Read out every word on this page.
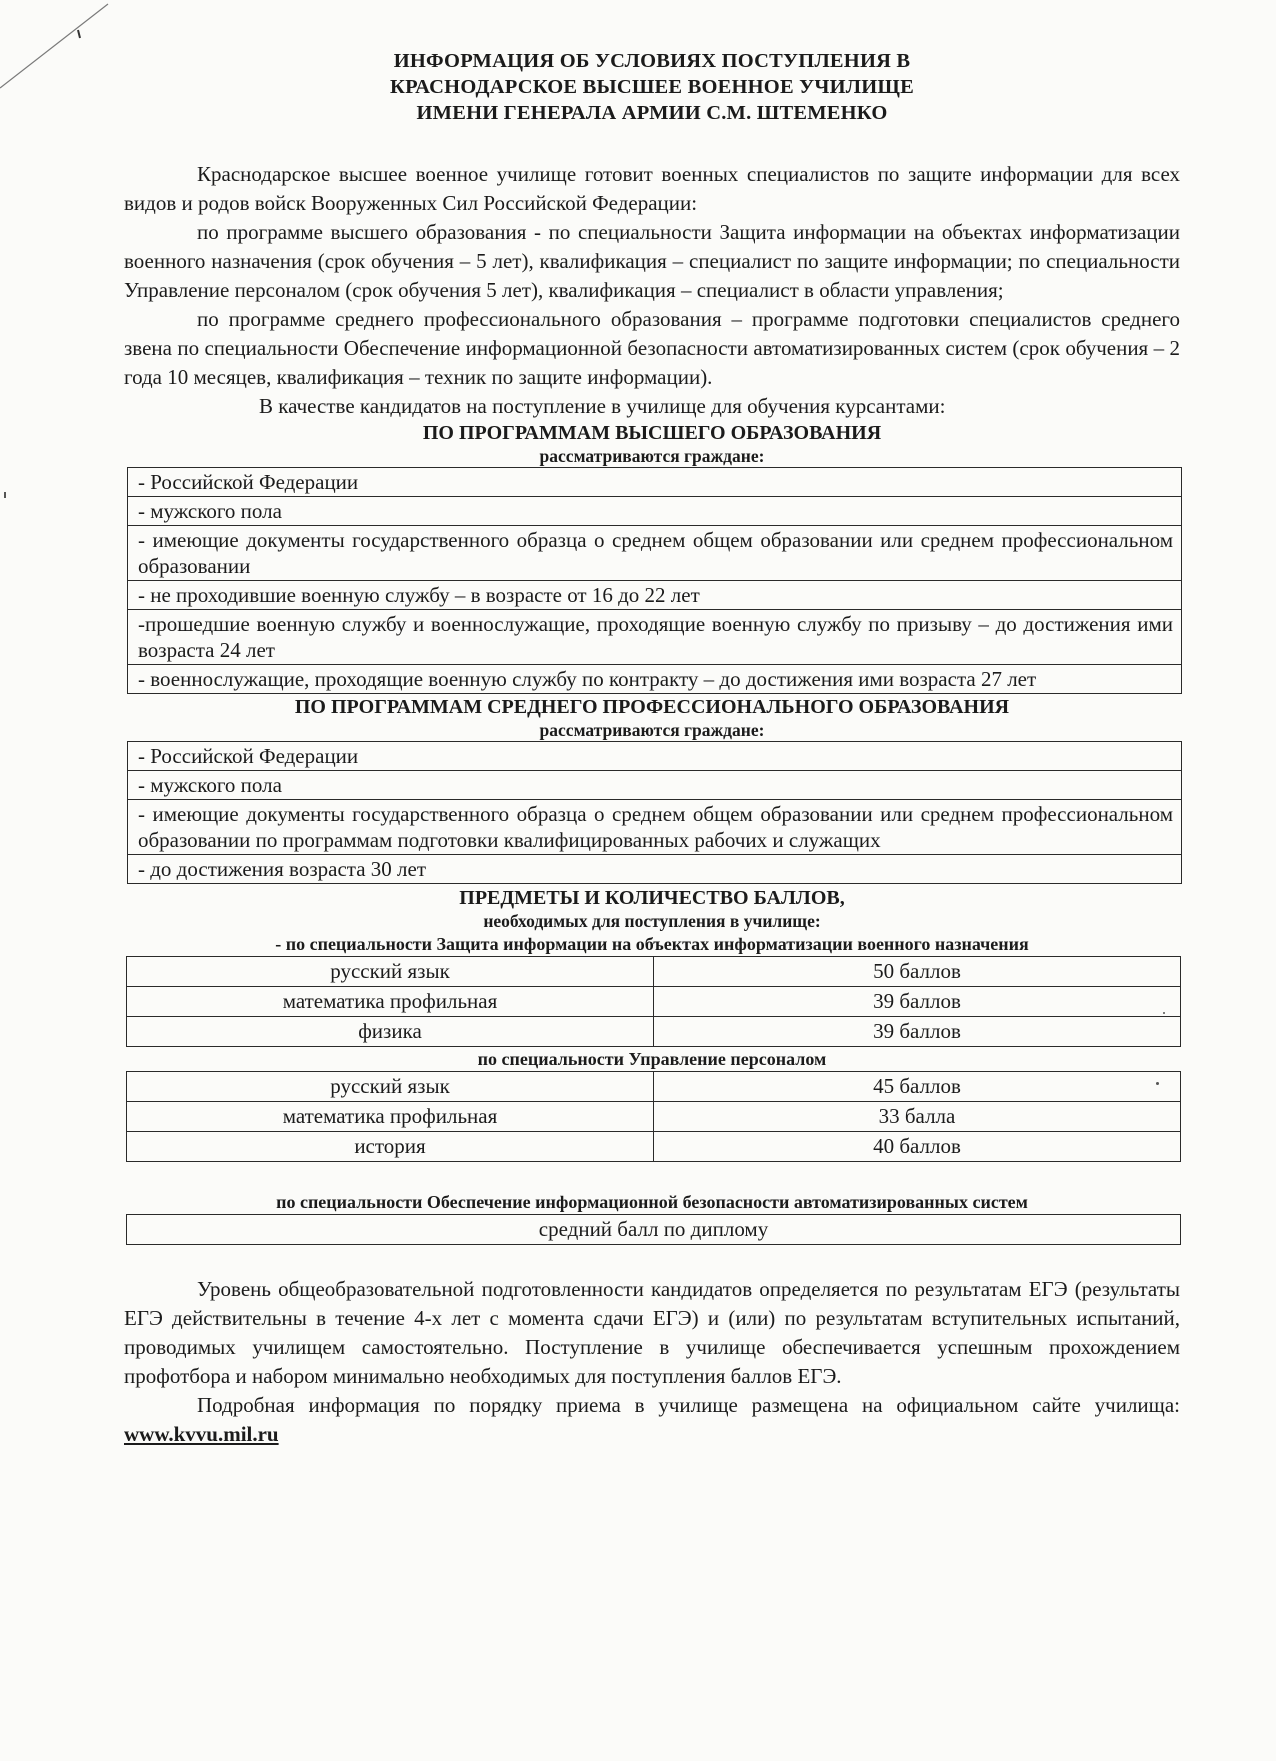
ИНФОРМАЦИЯ ОБ УСЛОВИЯХ ПОСТУПЛЕНИЯ В
КРАСНОДАРСКОЕ ВЫСШЕЕ ВОЕННОЕ УЧИЛИЩЕ
ИМЕНИ ГЕНЕРАЛА АРМИИ С.М. ШТЕМЕНКО

Краснодарское высшее военное училище готовит военных специалистов по защите информации для всех видов и родов войск Вооруженных Сил Российской Федерации:

по программе высшего образования - по специальности Защита информации на объектах информатизации военного назначения (срок обучения – 5 лет), квалификация – специалист по защите информации; по специальности Управление персоналом (срок обучения 5 лет), квалификация – специалист в области управления;

по программе среднего профессионального образования – программе подготовки специалистов среднего звена по специальности Обеспечение информационной безопасности автоматизированных систем (срок обучения – 2 года 10 месяцев, квалификация – техник по защите информации).

В качестве кандидатов на поступление в училище для обучения курсантами:

ПО ПРОГРАММАМ ВЫСШЕГО ОБРАЗОВАНИЯ
рассматриваются граждане:
- Российской Федерации
- мужского пола
- имеющие документы государственного образца о среднем общем образовании или среднем профессиональном образовании
- не проходившие военную службу – в возрасте от 16 до 22 лет
-прошедшие военную службу и военнослужащие, проходящие военную службу по призыву – до достижения ими возраста 24 лет
- военнослужащие, проходящие военную службу по контракту – до достижения ими возраста 27 лет
ПО ПРОГРАММАМ СРЕДНЕГО ПРОФЕССИОНАЛЬНОГО ОБРАЗОВАНИЯ
рассматриваются граждане:
- Российской Федерации
- мужского пола
- имеющие документы государственного образца о среднем общем образовании или среднем профессиональном образовании по программам подготовки квалифицированных рабочих и служащих
- до достижения возраста 30 лет
ПРЕДМЕТЫ И КОЛИЧЕСТВО БАЛЛОВ,
необходимых для поступления в училище:
- по специальности Защита информации на объектах информатизации военного назначения
русский язык	50 баллов
математика профильная	39 баллов
физика	39 баллов
по специальности Управление персоналом
русский язык	45 баллов
математика профильная	33 балла
история	40 баллов
по специальности Обеспечение информационной безопасности автоматизированных систем
средний балл по диплому

Уровень общеобразовательной подготовленности кандидатов определяется по результатам ЕГЭ (результаты ЕГЭ действительны в течение 4-х лет с момента сдачи ЕГЭ) и (или) по результатам вступительных испытаний, проводимых училищем самостоятельно. Поступление в училище обеспечивается успешным прохождением профотбора и набором минимально необходимых для поступления баллов ЕГЭ.

Подробная информация по порядку приема в училище размещена на официальном сайте училища: www.kvvu.mil.ru
